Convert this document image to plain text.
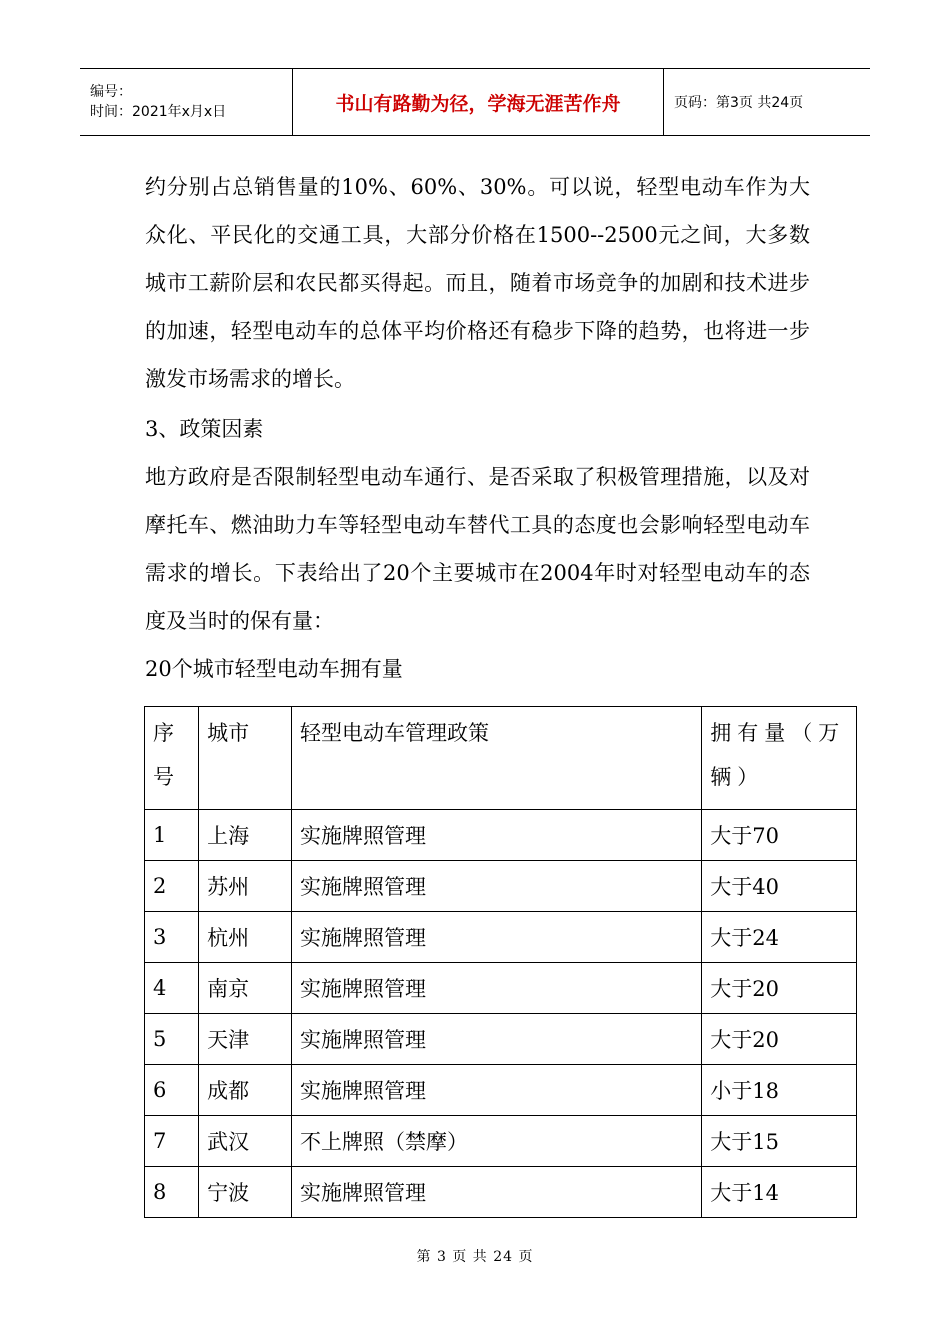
编号：
时间：2021年x月x日	书山有路勤为径，学海无涯苦作舟	页码：第3页 共24页

约分别占总销售量的10%、60%、30%。可以说，轻型电动车作为大众化、平民化的交通工具，大部分价格在1500--2500元之间，大多数城市工薪阶层和农民都买得起。而且，随着市场竞争的加剧和技术进步的加速，轻型电动车的总体平均价格还有稳步下降的趋势，也将进一步激发市场需求的增长。

3、政策因素

地方政府是否限制轻型电动车通行、是否采取了积极管理措施，以及对摩托车、燃油助力车等轻型电动车替代工具的态度也会影响轻型电动车需求的增长。下表给出了20个主要城市在2004年时对轻型电动车的态度及当时的保有量：

20个城市轻型电动车拥有量

序号	城市	轻型电动车管理政策	拥有量（万辆）
1	上海	实施牌照管理	大于70
2	苏州	实施牌照管理	大于40
3	杭州	实施牌照管理	大于24
4	南京	实施牌照管理	大于20
5	天津	实施牌照管理	大于20
6	成都	实施牌照管理	小于18
7	武汉	不上牌照（禁摩）	大于15
8	宁波	实施牌照管理	大于14
第 3 页 共 24 页
